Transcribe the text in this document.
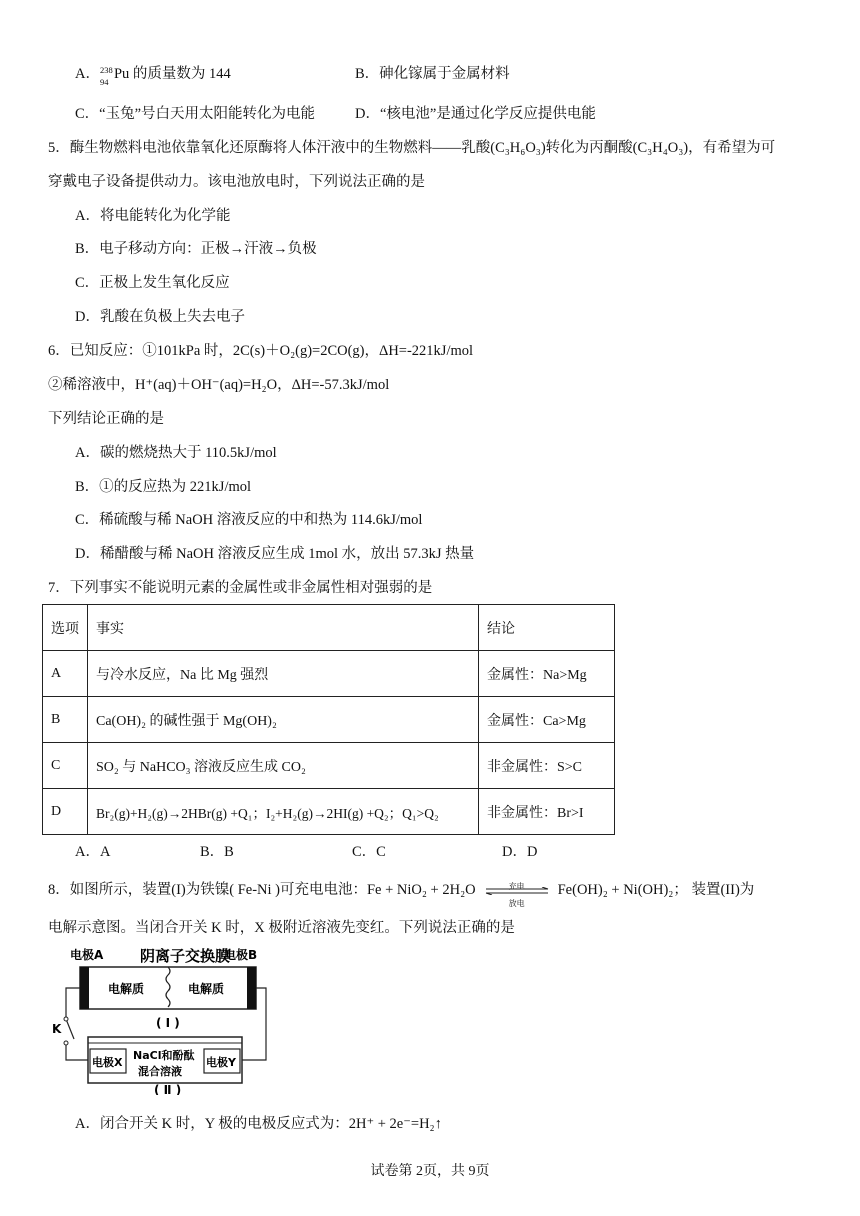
A． 238
94 Pu 的质量数为 144	B．砷化镓属于金属材料
C．“玉兔”号白天用太阳能转化为电能	D．“核电池”是通过化学反应提供电能
5．酶生物燃料电池依靠氧化还原酶将人体汗液中的生物燃料——乳酸(C₃H₆O₃)转化为丙酮酸(C₃H₄O₃)，有希望为可
穿戴电子设备提供动力。该电池放电时，下列说法正确的是
A．将电能转化为化学能
B．电子移动方向：正极→汗液→负极
C．正极上发生氧化反应
D．乳酸在负极上失去电子
6．已知反应：①101kPa 时，2C(s)＋O₂(g)=2CO(g)，ΔH=-221kJ/mol
②稀溶液中，H⁺(aq)＋OH⁻(aq)=H₂O，ΔH=-57.3kJ/mol
下列结论正确的是
A．碳的燃烧热大于 110.5kJ/mol
B．①的反应热为 221kJ/mol
C．稀硫酸与稀 NaOH 溶液反应的中和热为 114.6kJ/mol
D．稀醋酸与稀 NaOH 溶液反应生成 1mol 水，放出 57.3kJ 热量
7．下列事实不能说明元素的金属性或非金属性相对强弱的是
选项	事实	结论
A	与冷水反应，Na 比 Mg 强烈	金属性：Na>Mg
B	Ca(OH)₂ 的碱性强于 Mg(OH)₂	金属性：Ca>Mg
C	SO₂ 与 NaHCO₃ 溶液反应生成 CO₂	非金属性：S>C
D	Br₂(g)+H₂(g)→2HBr(g) +Q₁；I₂+H₂(g)→2HI(g) +Q₂；Q₁>Q₂	非金属性：Br>I
A．A	B．B	C．C	D．D
8．如图所示，装置(I)为铁镍( Fe-Ni )可充电电池：Fe + NiO₂ + 2H₂O	充电
放电
Fe(OH)₂ + Ni(OH)₂； 装置(II)为
电解示意图。当闭合开关 K 时，X 极附近溶液先变红。下列说法正确的是
电极A 阴离子交换膜
电极B
电解质	电解质
( I )
K
电极X	电极Y
NaCl和酚酞
混合溶液
( Ⅱ )
A．闭合开关 K 时，Y 极的电极反应式为：2H⁺ + 2e⁻=H₂↑
试卷第 2页，共 9页
